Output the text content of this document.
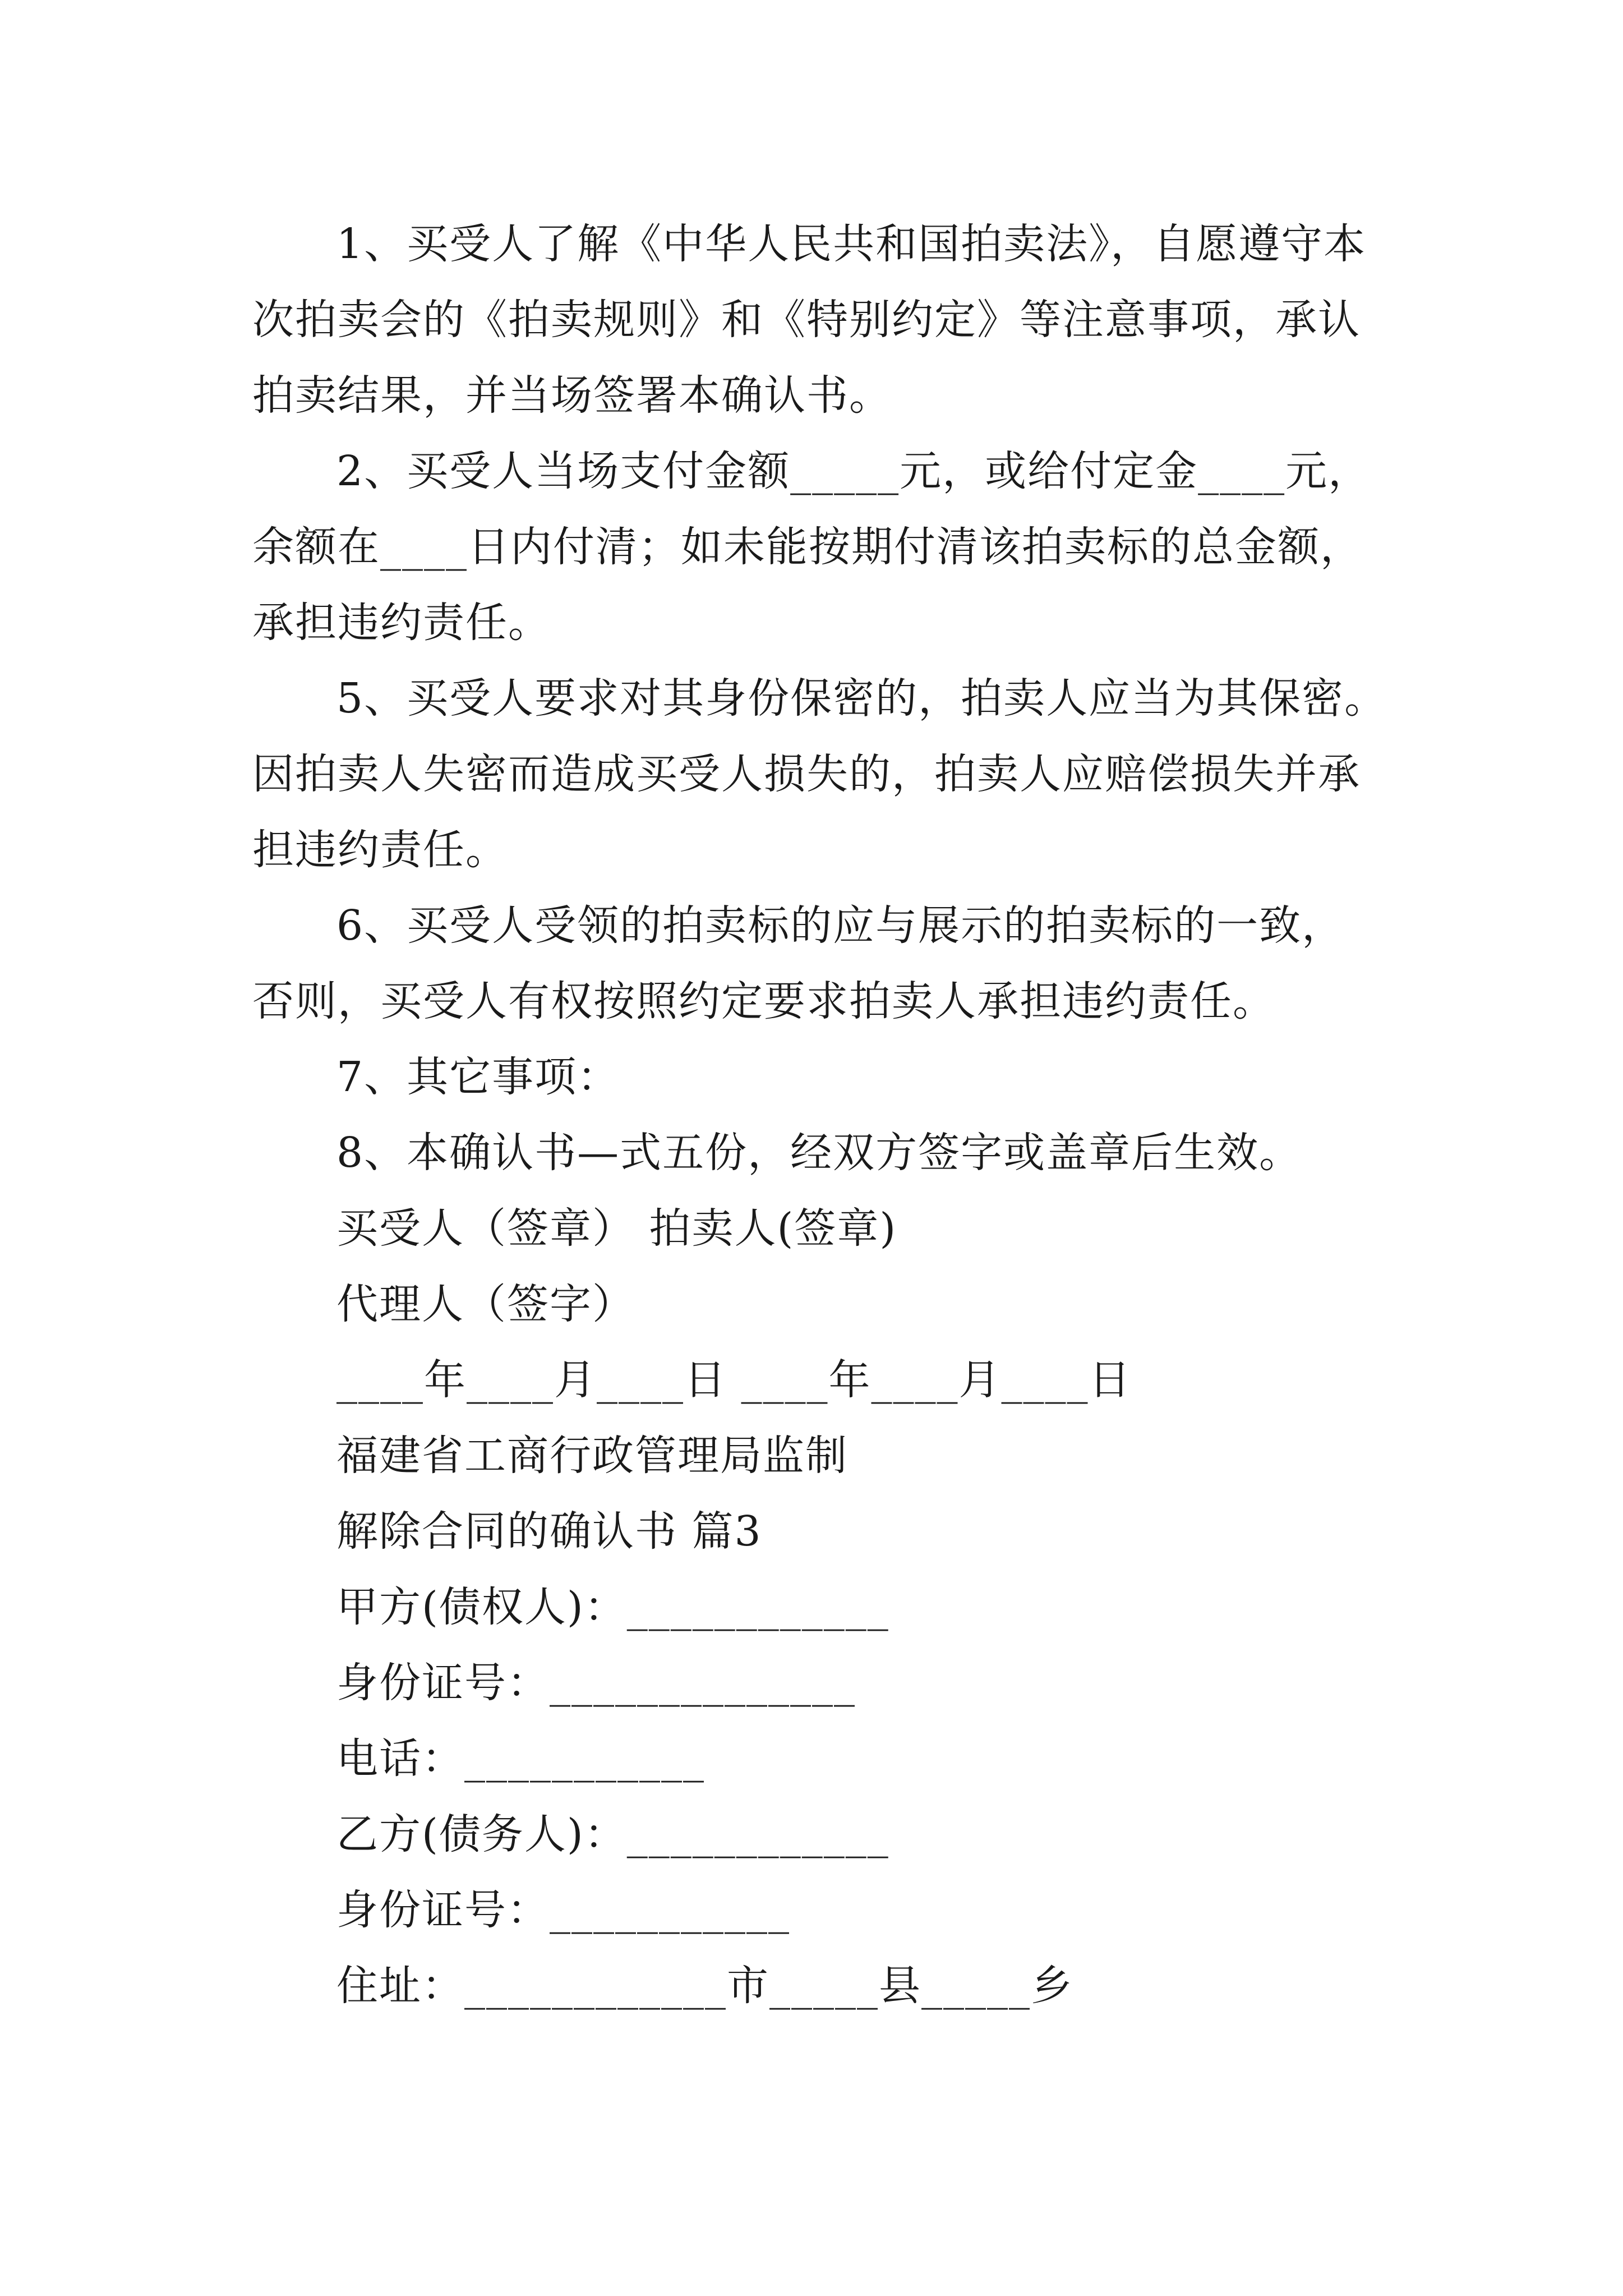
1、买受人了解《中华人民共和国拍卖法》，自愿遵守本
次拍卖会的《拍卖规则》和《特别约定》等注意事项，承认
拍卖结果，并当场签署本确认书。
2、买受人当场支付金额_____元，或给付定金____元，
余额在____日内付清；如未能按期付清该拍卖标的总金额，
承担违约责任。
5、买受人要求对其身份保密的，拍卖人应当为其保密。
因拍卖人失密而造成买受人损失的，拍卖人应赔偿损失并承
担违约责任。
6、买受人受领的拍卖标的应与展示的拍卖标的一致，
否则，买受人有权按照约定要求拍卖人承担违约责任。
7、其它事项：
8、本确认书—式五份，经双方签字或盖章后生效。
买受人（签章） 拍卖人(签章)
代理人（签字）
____年____月____日 ____年____月____日
福建省工商行政管理局监制
解除合同的确认书 篇3
甲方(债权人)：____________
身份证号：______________
电话：___________
乙方(债务人)：____________
身份证号：___________
住址：____________市_____县_____乡
